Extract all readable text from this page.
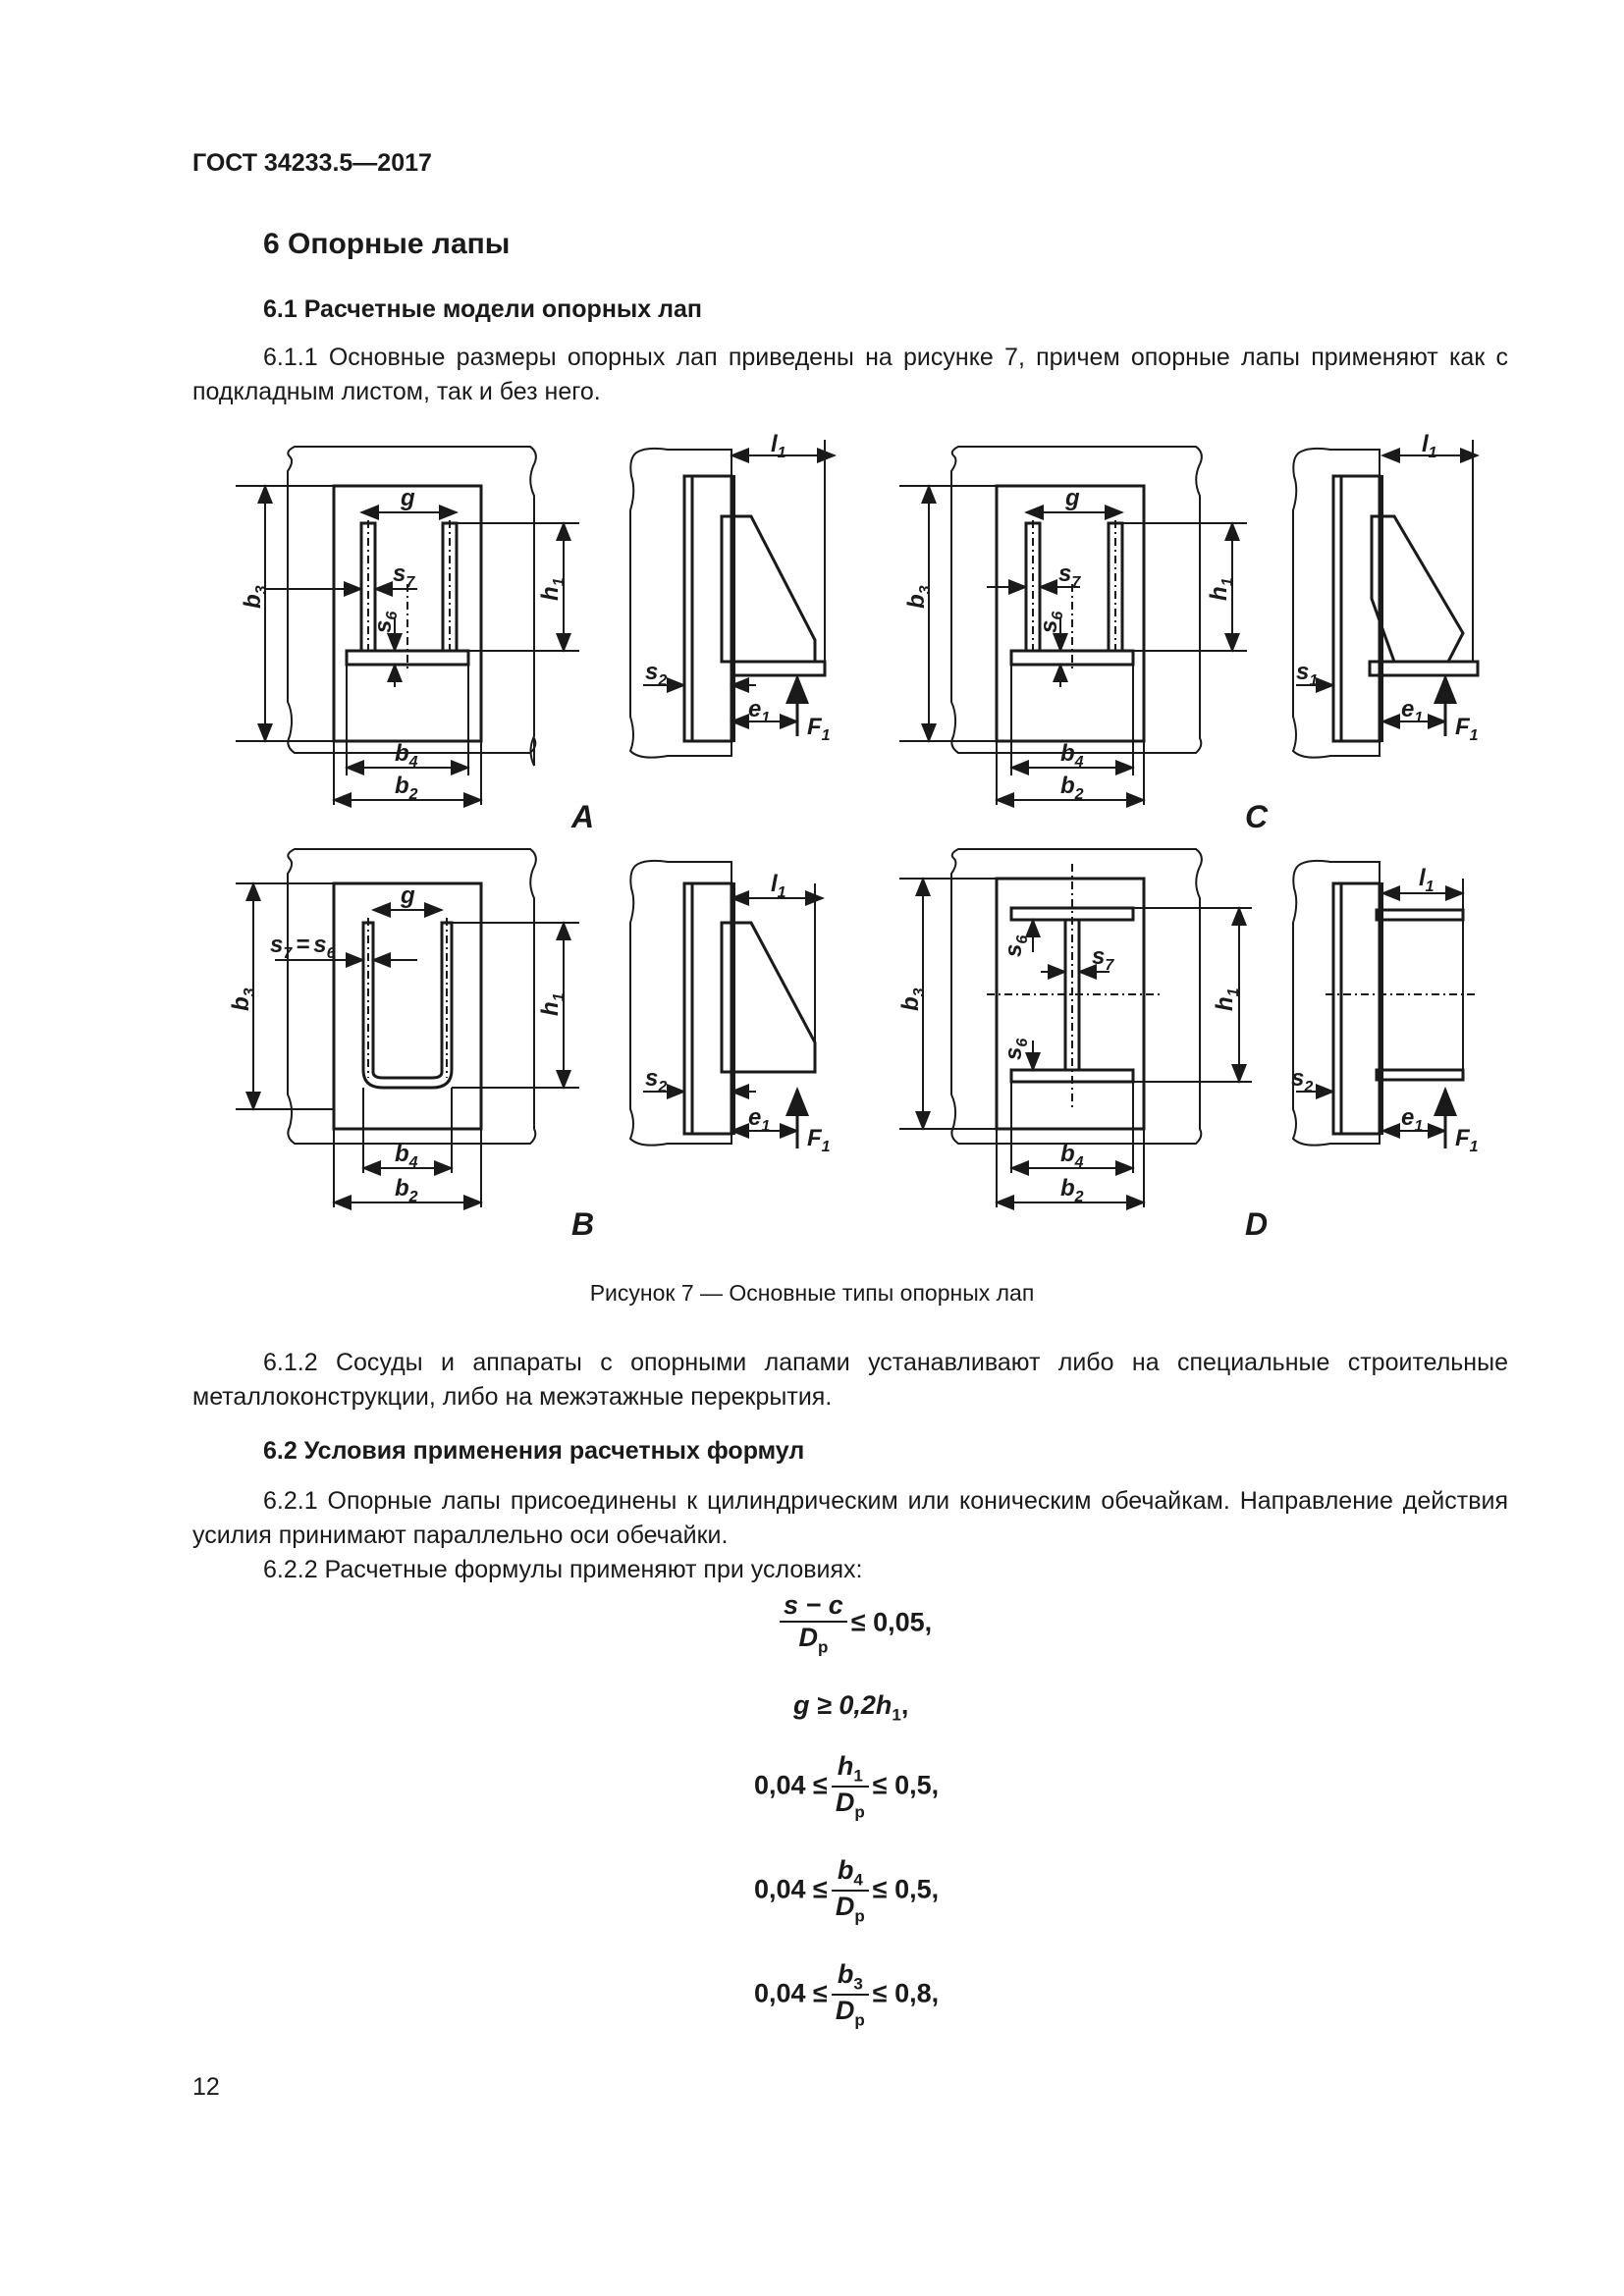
ГОСТ 34233.5—2017
6 Опорные лапы
6.1 Расчетные модели опорных лап
6.1.1 Основные размеры опорных лап приведены на рисунке 7, причем опорные лапы применяют как с подкладным листом, так и без него.
A
B
C
D
g
$s_7$
$s_6$
$b_3$	$h_1$
$b_4$
$b_2$
$l_1$
$s_2$
$e_1$ $F_1$
g
$s_7$
$s_6$
$b_3$	$h_1$
$b_4$
$b_2$
$l_1$
$s_1$
$e_1$ $F_1$
g
$s_7 = s_6$
$b_3$
$h_1$
$b_4$
$b_2$
$l_1$
$s_2$
$e_1$ $F_1$
$s_6$
$s_6$
$s_7$
$b_3$
$h_1$
$b_4$
$b_2$
$l_1$
$s_2$
$e_1$ $F_1$
Рисунок 7 — Основные типы опорных лап
6.1.2 Сосуды и аппараты с опорными лапами устанавливают либо на специальные строительные металлоконструкции, либо на межэтажные перекрытия.
6.2 Условия применения расчетных формул
6.2.1 Опорные лапы присоединены к цилиндрическим или коническим обечайкам. Направление действия усилия принимают параллельно оси обечайки.
6.2.2 Расчетные формулы применяют при условиях:
$\frac{s - c}{D_р} \le 0,05$,
$g \ge 0,2h_1$,
$0,04 \le \frac{h_1}{D_р} \le 0,5$,
$0,04 \le \frac{b_4}{D_р} \le 0,5$,
$0,04 \le \frac{b_3}{D_р} \le 0,8$,
12
